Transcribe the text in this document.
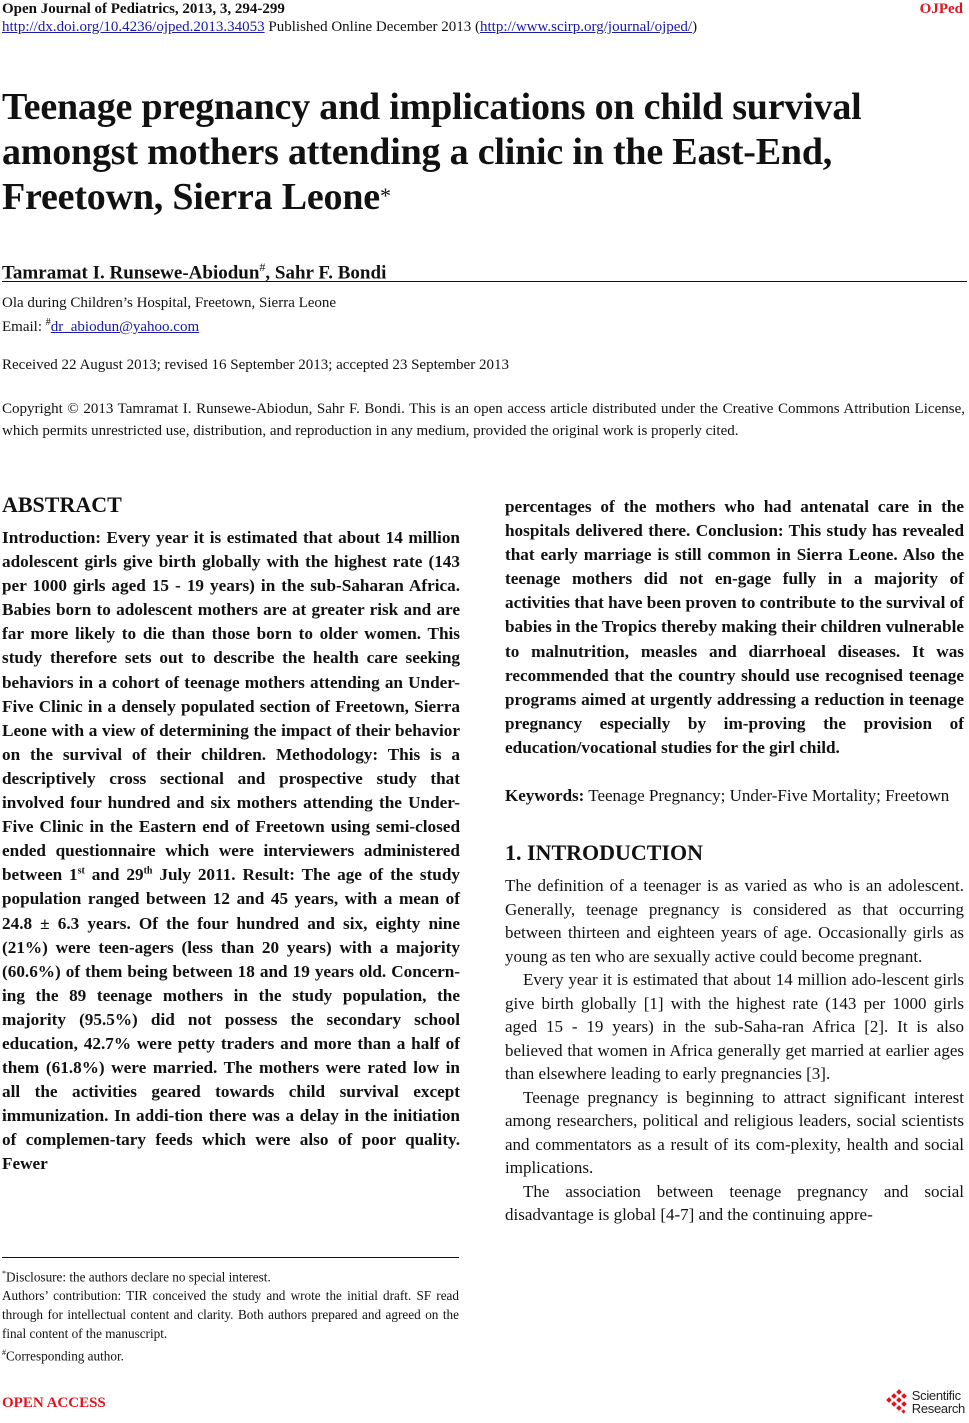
Open Journal of Pediatrics, 2013, 3, 294-299	OJPed
http://dx.doi.org/10.4236/ojped.2013.34053 Published Online December 2013 (http://www.scirp.org/journal/ojped/)
Teenage pregnancy and implications on child survival
amongst mothers attending a clinic in the East-End,
Freetown, Sierra Leone*
Tamramat I. Runsewe-Abiodun#, Sahr F. Bondi
Ola during Children’s Hospital, Freetown, Sierra Leone
Email: #dr_abiodun@yahoo.com
Received 22 August 2013; revised 16 September 2013; accepted 23 September 2013
Copyright © 2013 Tamramat I. Runsewe-Abiodun, Sahr F. Bondi. This is an open access article distributed under the Creative Commons Attribution License, which permits unrestricted use, distribution, and reproduction in any medium, provided the original work is properly cited.
ABSTRACT

Introduction: Every year it is estimated that about 14 million adolescent girls give birth globally with the highest rate (143 per 1000 girls aged 15 - 19 years) in the sub-Saharan Africa. Babies born to adolescent mothers are at greater risk and are far more likely to die than those born to older women. This study therefore sets out to describe the health care seeking behaviors in a cohort of teenage mothers attending an Under-Five Clinic in a densely populated section of Freetown, Sierra Leone with a view of determining the impact of their behavior on the survival of their children. Methodology: This is a descriptively cross sectional and prospective study that involved four hundred and six mothers attending the Under-Five Clinic in the Eastern end of Freetown using semi-closed ended questionnaire which were interviewers administered between 1st and 29th July 2011. Result: The age of the study population ranged between 12 and 45 years, with a mean of 24.8 ± 6.3 years. Of the four hundred and six, eighty nine (21%) were teen-agers (less than 20 years) with a majority (60.6%) of them being between 18 and 19 years old. Concern-ing the 89 teenage mothers in the study population, the majority (95.5%) did not possess the secondary school education, 42.7% were petty traders and more than a half of them (61.8%) were married. The mothers were rated low in all the activities geared towards child survival except immunization. In addi-tion there was a delay in the initiation of complemen-tary feeds which were also of poor quality. Fewer

*Disclosure: the authors declare no special interest.
Authors’ contribution: TIR conceived the study and wrote the initial draft. SF read through for intellectual content and clarity. Both authors prepared and agreed on the final content of the manuscript.
#Corresponding author.

percentages of the mothers who had antenatal care in the hospitals delivered there. Conclusion: This study has revealed that early marriage is still common in Sierra Leone. Also the teenage mothers did not en-gage fully in a majority of activities that have been proven to contribute to the survival of babies in the Tropics thereby making their children vulnerable to malnutrition, measles and diarrhoeal diseases. It was recommended that the country should use recognised teenage programs aimed at urgently addressing a reduction in teenage pregnancy especially by im-proving the provision of education/vocational studies for the girl child.

Keywords: Teenage Pregnancy; Under-Five Mortality; Freetown

1. INTRODUCTION

The definition of a teenager is as varied as who is an adolescent. Generally, teenage pregnancy is considered as that occurring between thirteen and eighteen years of age. Occasionally girls as young as ten who are sexually active could become pregnant.

Every year it is estimated that about 14 million ado-lescent girls give birth globally [1] with the highest rate (143 per 1000 girls aged 15 - 19 years) in the sub-Saha-ran Africa [2]. It is also believed that women in Africa generally get married at earlier ages than elsewhere leading to early pregnancies [3].

Teenage pregnancy is beginning to attract significant interest among researchers, political and religious leaders, social scientists and commentators as a result of its com-plexity, health and social implications.

The association between teenage pregnancy and social disadvantage is global [4-7] and the continuing appre-

OPEN ACCESS	Scientific
Research
